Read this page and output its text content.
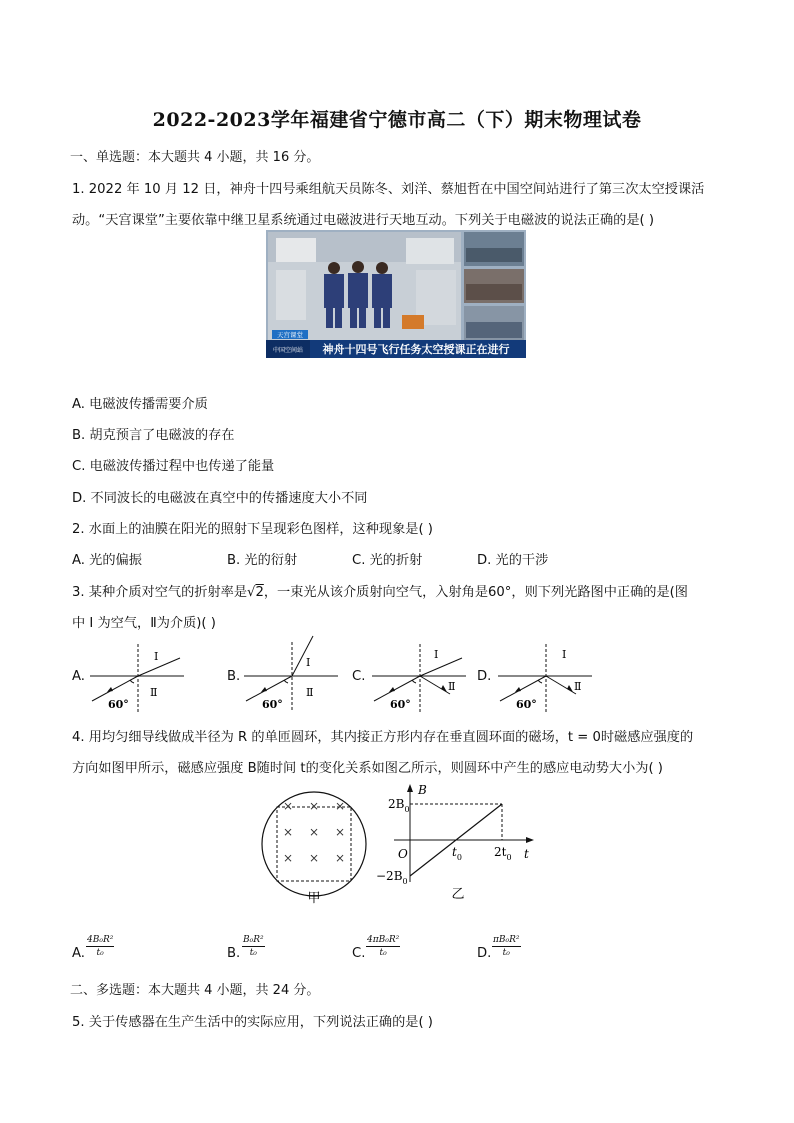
2022-2023学年福建省宁德市高二（下）期末物理试卷
一、单选题：本大题共 4 小题，共 16 分。
1. 2022 年 10 月 12 日，神舟十四号乘组航天员陈冬、刘洋、蔡旭哲在中国空间站进行了第三次太空授课活
动。“天宫课堂”主要依靠中继卫星系统通过电磁波进行天地互动。下列关于电磁波的说法正确的是( )
天宫课堂
中国空间站 神舟十四号飞行任务太空授课正在进行
A. 电磁波传播需要介质
B. 胡克预言了电磁波的存在
C. 电磁波传播过程中也传递了能量
D. 不同波长的电磁波在真空中的传播速度大小不同
2. 水面上的油膜在阳光的照射下呈现彩色图样，这种现象是( )
A. 光的偏振	B. 光的衍射	C. 光的折射	D. 光的干涉
3. 某种介质对空气的折射率是√2，一束光从该介质射向空气，入射角是60°，则下列光路图中正确的是(图
中 I 为空气，Ⅱ为介质)( )
A.	B.	C.	D.
I
Ⅱ
60°
I
Ⅱ
60°
I
Ⅱ
60°
I
Ⅱ
60°
4. 用均匀细导线做成半径为 R 的单匝圆环，其内接正方形内存在垂直圆环面的磁场，t = 0时磁感应强度的
方向如图甲所示，磁感应强度 B随时间 t的变化关系如图乙所示，则圆环中产生的感应电动势大小为( )
× × ×
× × ×
× × ×
甲
B
t
O
$2B_0$
$-2B_0$
$t_0$	$2t_0$
乙
A. $\frac{\text{4B₀R²}}{\text{t₀}}$	B. $\frac{\text{B₀R²}}{\text{t₀}}$	C. $\frac{\text{4πB₀R²}}{\text{t₀}}$	D. $\frac{\text{πB₀R²}}{\text{t₀}}$
二、多选题：本大题共 4 小题，共 24 分。
5. 关于传感器在生产生活中的实际应用，下列说法正确的是( )
